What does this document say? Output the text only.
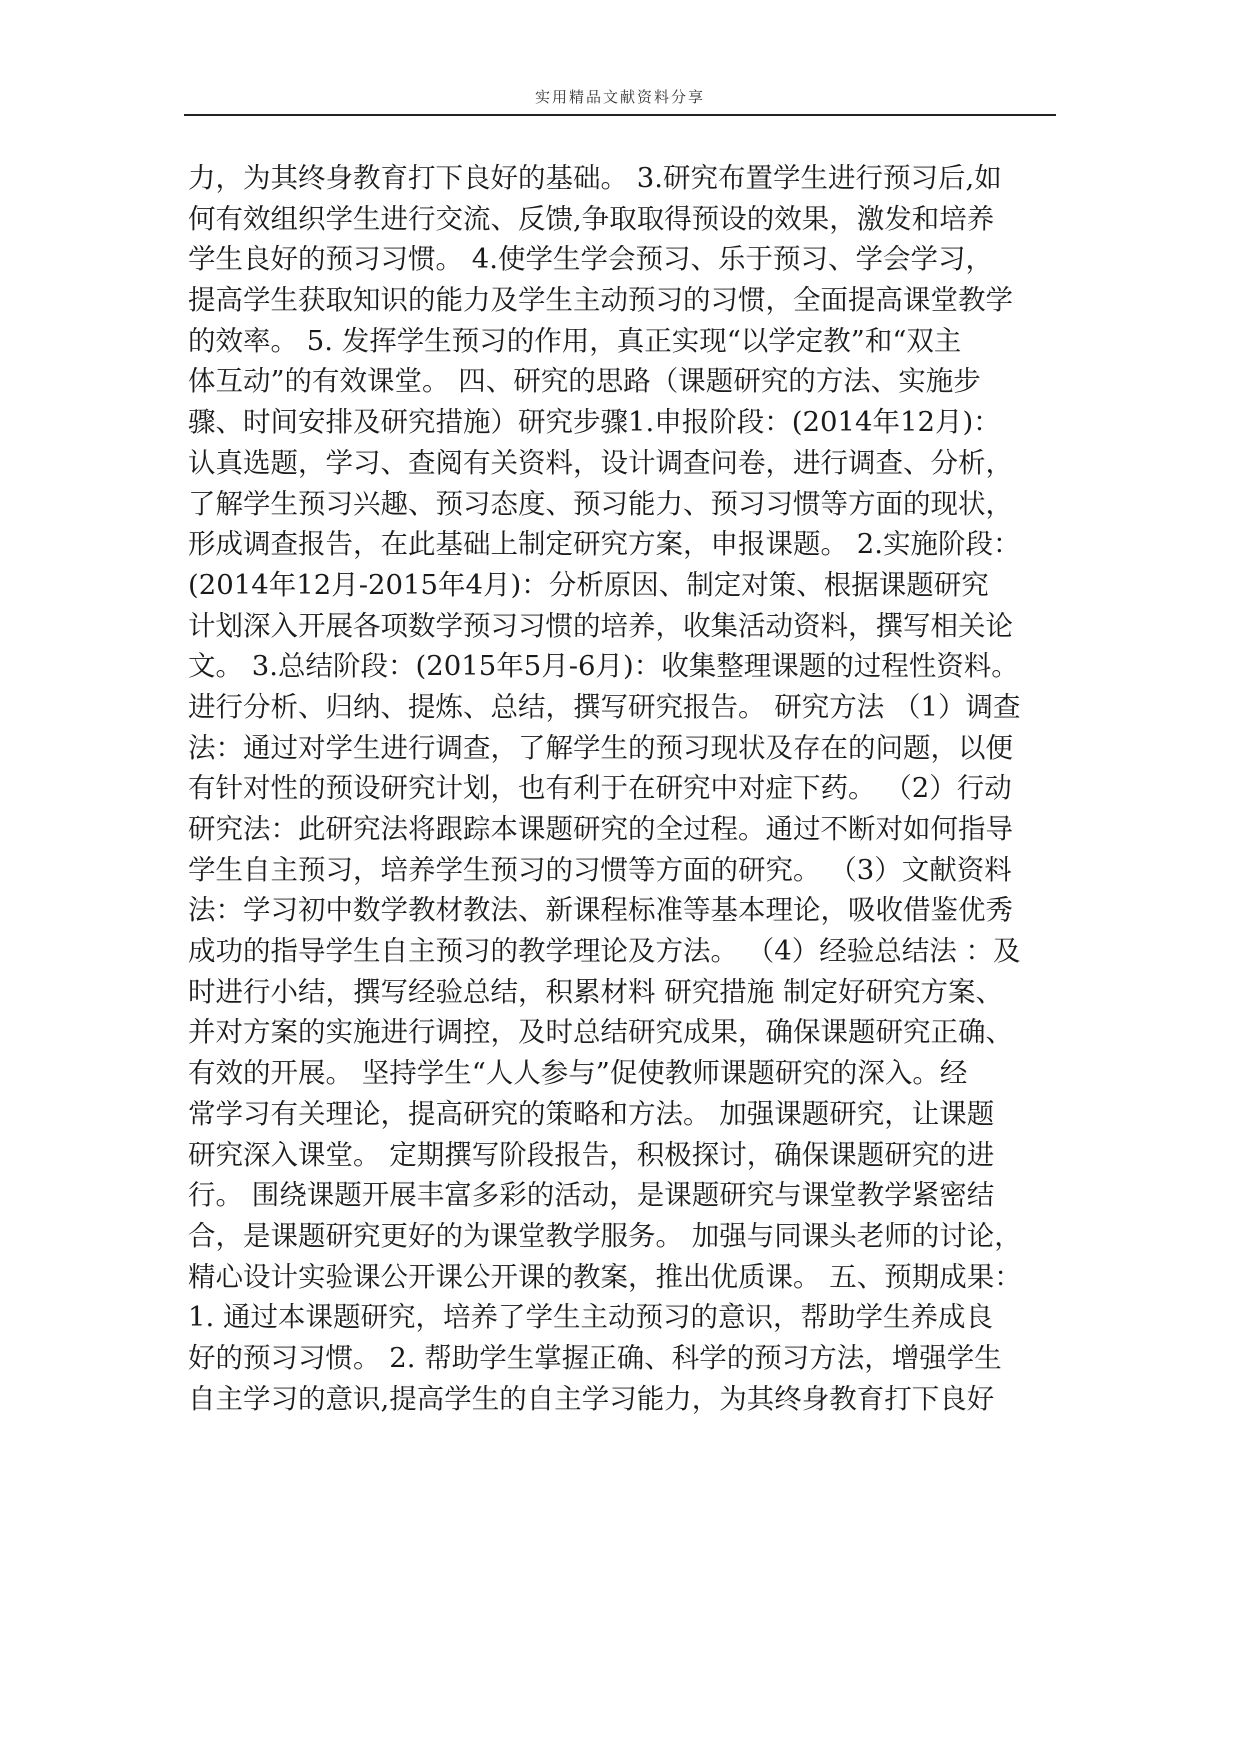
实用精品文献资料分享
力，为其终身教育打下良好的基础。 3.研究布置学生进行预习后,如
何有效组织学生进行交流、反馈,争取取得预设的效果，激发和培养
学生良好的预习习惯。 4.使学生学会预习、乐于预习、学会学习，
提高学生获取知识的能力及学生主动预习的习惯，全面提高课堂教学
的效率。 5. 发挥学生预习的作用，真正实现“以学定教”和“双主
体互动”的有效课堂。 四、研究的思路（课题研究的方法、实施步
骤、时间安排及研究措施）研究步骤1.申报阶段：(2014年12月)：
认真选题，学习、查阅有关资料，设计调查问卷，进行调查、分析，
了解学生预习兴趣、预习态度、预习能力、预习习惯等方面的现状，
形成调查报告，在此基础上制定研究方案，申报课题。 2.实施阶段：
(2014年12月-2015年4月)：分析原因、制定对策、根据课题研究
计划深入开展各项数学预习习惯的培养，收集活动资料，撰写相关论
文。 3.总结阶段：(2015年5月-6月)：收集整理课题的过程性资料。
进行分析、归纳、提炼、总结，撰写研究报告。 研究方法 （1）调查
法：通过对学生进行调查，了解学生的预习现状及存在的问题，以便
有针对性的预设研究计划，也有利于在研究中对症下药。 （2）行动
研究法：此研究法将跟踪本课题研究的全过程。通过不断对如何指导
学生自主预习，培养学生预习的习惯等方面的研究。 （3）文献资料
法：学习初中数学教材教法、新课程标准等基本理论，吸收借鉴优秀
成功的指导学生自主预习的教学理论及方法。 （4）经验总结法 ：及
时进行小结，撰写经验总结，积累材料 研究措施 制定好研究方案、
并对方案的实施进行调控，及时总结研究成果，确保课题研究正确、
有效的开展。 坚持学生“人人参与”促使教师课题研究的深入。经
常学习有关理论，提高研究的策略和方法。 加强课题研究，让课题
研究深入课堂。 定期撰写阶段报告，积极探讨，确保课题研究的进
行。 围绕课题开展丰富多彩的活动，是课题研究与课堂教学紧密结
合，是课题研究更好的为课堂教学服务。 加强与同课头老师的讨论，
精心设计实验课公开课公开课的教案，推出优质课。 五、预期成果：
1. 通过本课题研究，培养了学生主动预习的意识，帮助学生养成良
好的预习习惯。 2. 帮助学生掌握正确、科学的预习方法，增强学生
自主学习的意识,提高学生的自主学习能力，为其终身教育打下良好
